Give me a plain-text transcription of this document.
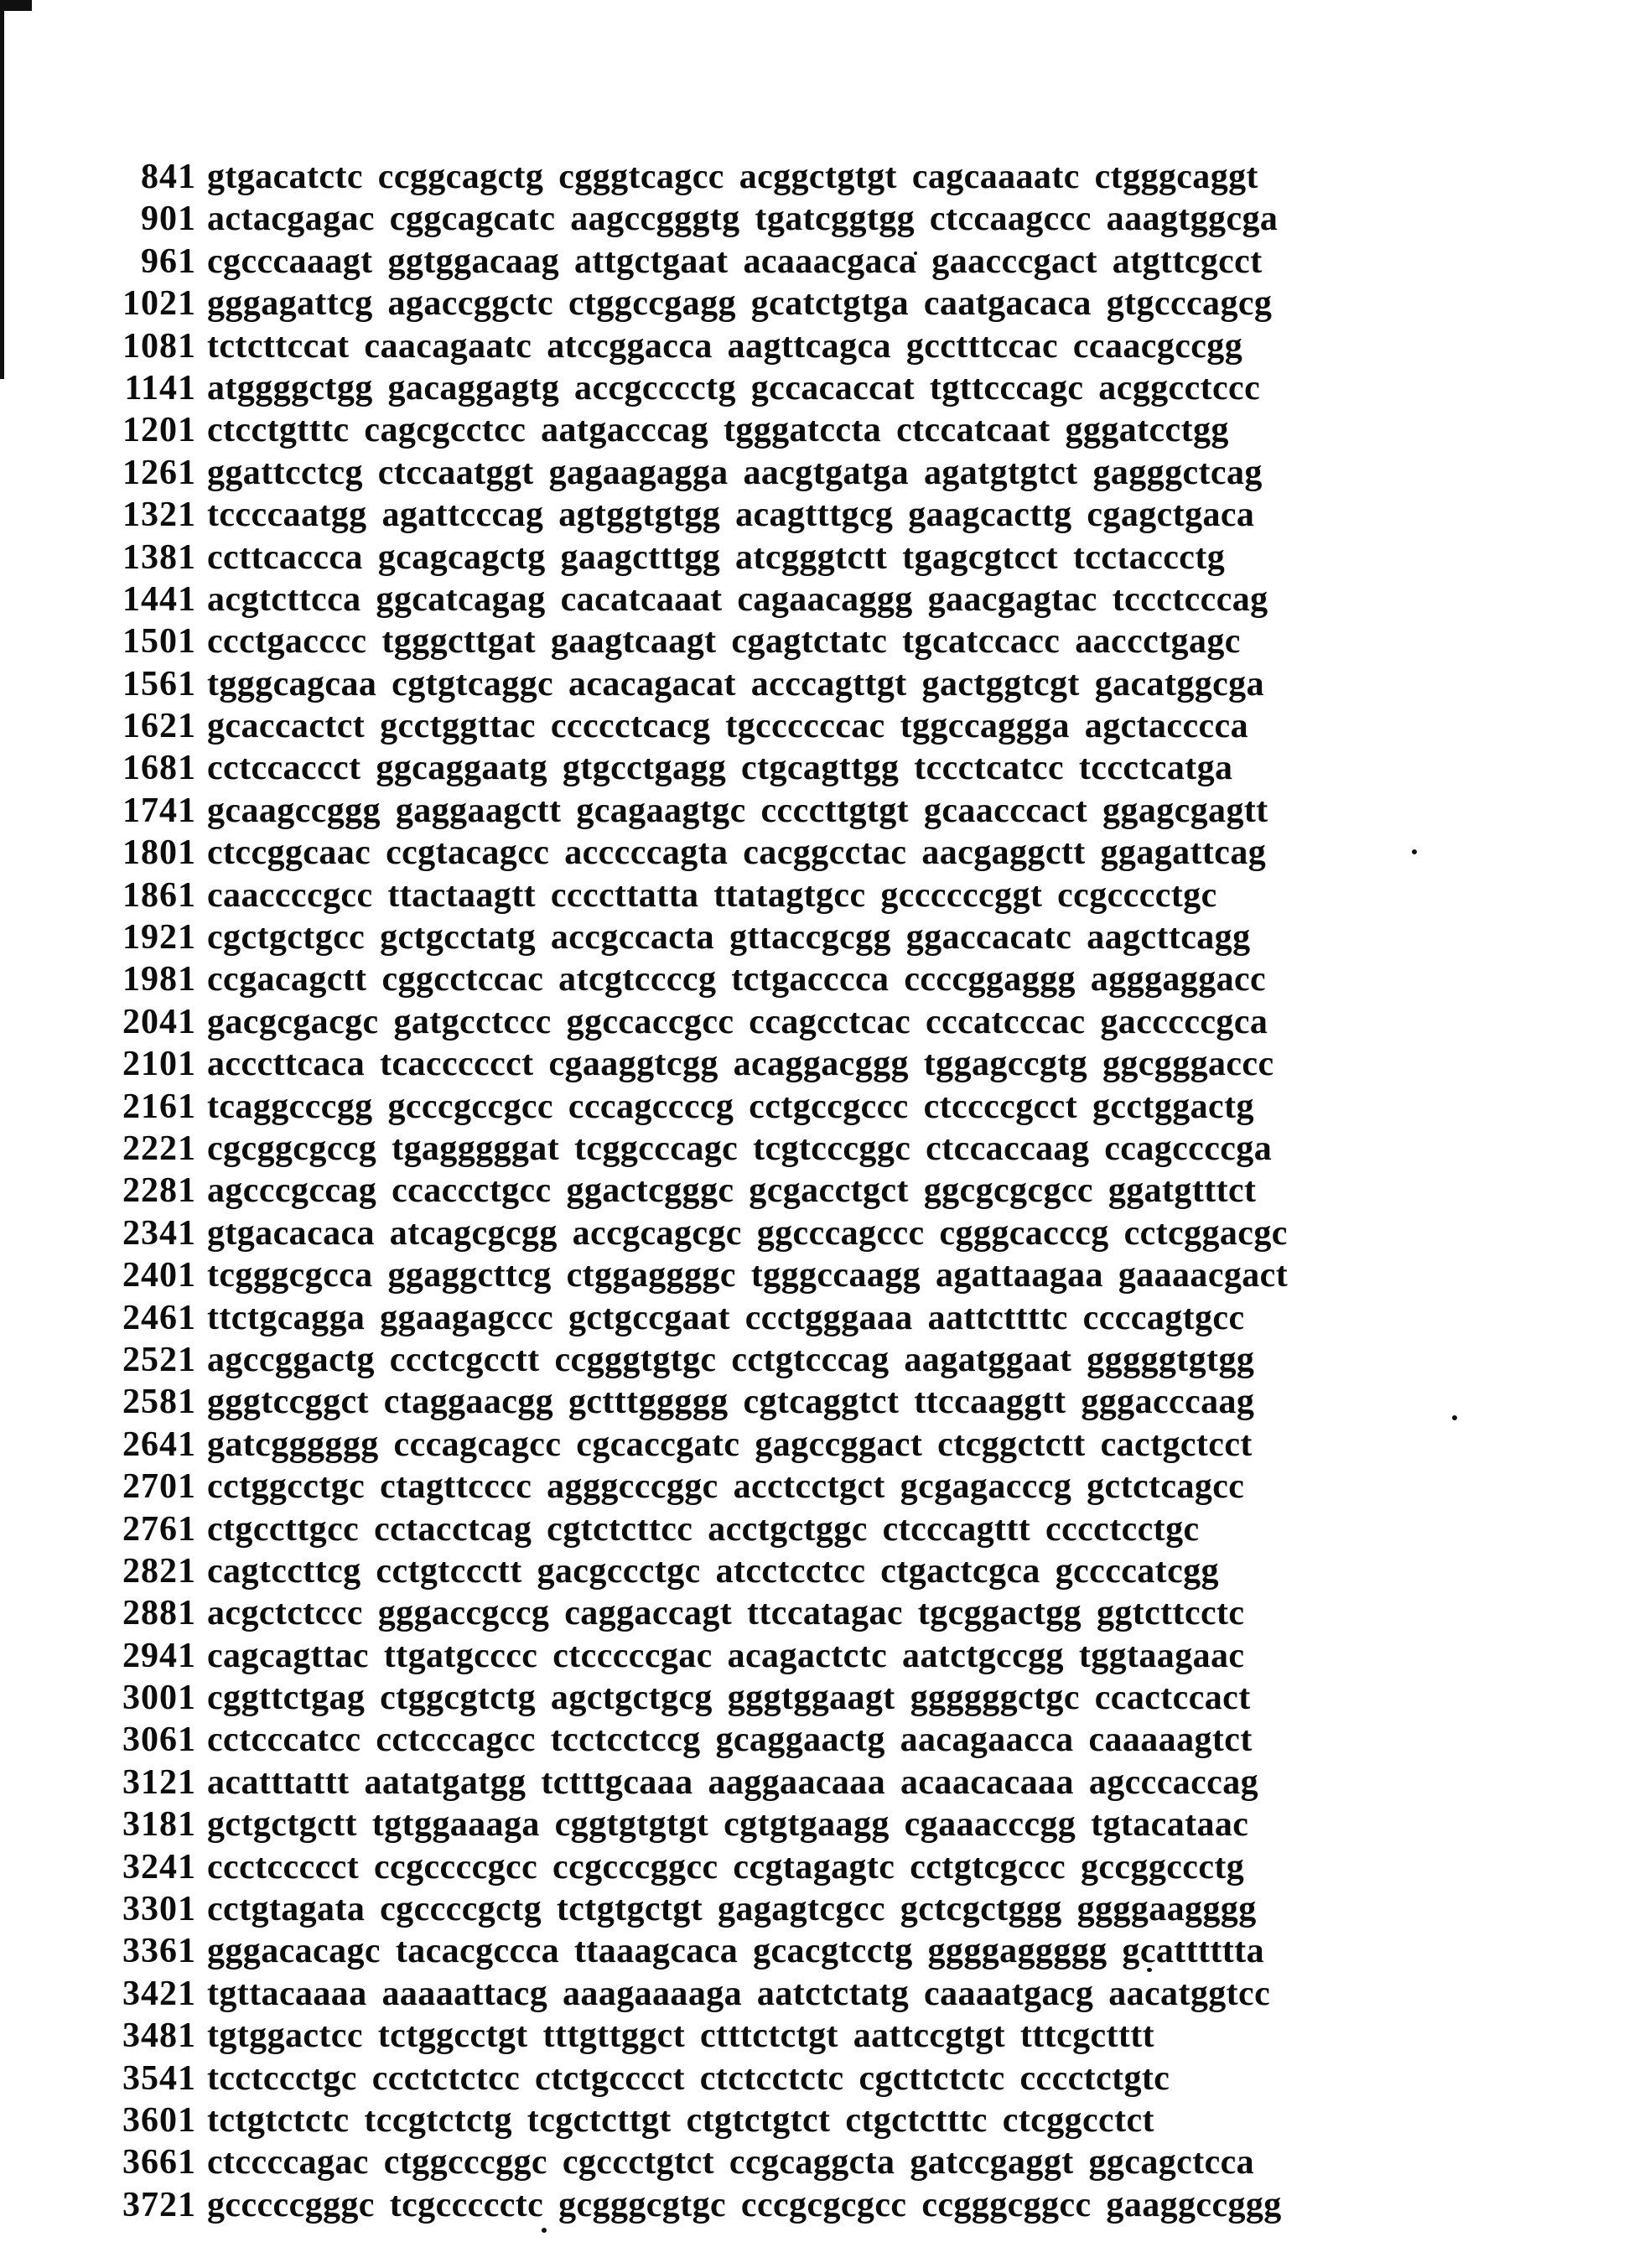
841 gtgacatctc ccggcagctg cgggtcagcc acggctgtgt cagcaaaatc ctgggcaggt
901 actacgagac cggcagcatc aagccgggtg tgatcggtgg ctccaagccc aaagtggcga
961 cgcccaaagt ggtggacaag attgctgaat acaaacgaca gaacccgact atgttcgcct
1021 gggagattcg agaccggctc ctggccgagg gcatctgtga caatgacaca gtgcccagcg
1081 tctcttccat caacagaatc atccggacca aagttcagca gcctttccac ccaacgccgg
1141 atggggctgg gacaggagtg accgcccctg gccacaccat tgttcccagc acggcctccc
1201 ctcctgtttc cagcgcctcc aatgacccag tgggatccta ctccatcaat gggatcctgg
1261 ggattcctcg ctccaatggt gagaagagga aacgtgatga agatgtgtct gagggctcag
1321 tccccaatgg agattcccag agtggtgtgg acagtttgcg gaagcacttg cgagctgaca
1381 ccttcaccca gcagcagctg gaagctttgg atcgggtctt tgagcgtcct tcctaccctg
1441 acgtcttcca ggcatcagag cacatcaaat cagaacaggg gaacgagtac tccctcccag
1501 ccctgacccc tgggcttgat gaagtcaagt cgagtctatc tgcatccacc aaccctgagc
1561 tgggcagcaa cgtgtcaggc acacagacat acccagttgt gactggtcgt gacatggcga
1621 gcaccactct gcctggttac ccccctcacg tgccccccac tggccaggga agctacccca
1681 cctccaccct ggcaggaatg gtgcctgagg ctgcagttgg tccctcatcc tccctcatga
1741 gcaagccggg gaggaagctt gcagaagtgc ccccttgtgt gcaacccact ggagcgagtt
1801 ctccggcaac ccgtacagcc acccccagta cacggcctac aacgaggctt ggagattcag
1861 caaccccgcc ttactaagtt ccccttatta ttatagtgcc gccccccggt ccgcccctgc
1921 cgctgctgcc gctgcctatg accgccacta gttaccgcgg ggaccacatc aagcttcagg
1981 ccgacagctt cggcctccac atcgtccccg tctgacccca ccccggaggg agggaggacc
2041 gacgcgacgc gatgcctccc ggccaccgcc ccagcctcac cccatcccac gacccccgca
2101 acccttcaca tcacccccct cgaaggtcgg acaggacggg tggagccgtg ggcgggaccc
2161 tcaggcccgg gcccgccgcc cccagccccg cctgccgccc ctccccgcct gcctggactg
2221 cgcggcgccg tgagggggat tcggcccagc tcgtcccggc ctccaccaag ccagccccga
2281 agcccgccag ccaccctgcc ggactcgggc gcgacctgct ggcgcgcgcc ggatgtttct
2341 gtgacacaca atcagcgcgg accgcagcgc ggcccagccc cgggcacccg cctcggacgc
2401 tcgggcgcca ggaggcttcg ctggaggggc tgggccaagg agattaagaa gaaaacgact
2461 ttctgcagga ggaagagccc gctgccgaat ccctgggaaa aattcttttc ccccagtgcc
2521 agccggactg ccctcgcctt ccgggtgtgc cctgtcccag aagatggaat gggggtgtgg
2581 gggtccggct ctaggaacgg gctttggggg cgtcaggtct ttccaaggtt gggacccaag
2641 gatcgggggg cccagcagcc cgcaccgatc gagccggact ctcggctctt cactgctcct
2701 cctggcctgc ctagttcccc agggcccggc acctcctgct gcgagacccg gctctcagcc
2761 ctgccttgcc cctacctcag cgtctcttcc acctgctggc ctcccagttt cccctcctgc
2821 cagtccttcg cctgtccctt gacgccctgc atcctcctcc ctgactcgca gccccatcgg
2881 acgctctccc gggaccgccg caggaccagt ttccatagac tgcggactgg ggtcttcctc
2941 cagcagttac ttgatgcccc ctcccccgac acagactctc aatctgccgg tggtaagaac
3001 cggttctgag ctggcgtctg agctgctgcg gggtggaagt ggggggctgc ccactccact
3061 cctcccatcc cctcccagcc tcctcctccg gcaggaactg aacagaacca caaaaagtct
3121 acatttattt aatatgatgg tctttgcaaa aaggaacaaa acaacacaaa agcccaccag
3181 gctgctgctt tgtggaaaga cggtgtgtgt cgtgtgaagg cgaaacccgg tgtacataac
3241 ccctccccct ccgccccgcc ccgcccggcc ccgtagagtc cctgtcgccc gccggccctg
3301 cctgtagata cgccccgctg tctgtgctgt gagagtcgcc gctcgctggg ggggaagggg
3361 gggacacagc tacacgccca ttaaagcaca gcacgtcctg ggggaggggg gcatttttta
3421 tgttacaaaa aaaaattacg aaagaaaaga aatctctatg caaaatgacg aacatggtcc
3481 tgtggactcc tctggcctgt tttgttggct ctttctctgt aattccgtgt tttcgctttt
3541 tcctccctgc ccctctctcc ctctgcccct ctctcctctc cgcttctctc cccctctgtc
3601 tctgtctctc tccgtctctg tcgctcttgt ctgtctgtct ctgctctttc ctcggcctct
3661 ctccccagac ctggcccggc cgccctgtct ccgcaggcta gatccgaggt ggcagctcca
3721 gcccccgggc tcgccccctc gcgggcgtgc cccgcgcgcc ccgggcggcc gaaggccggg
